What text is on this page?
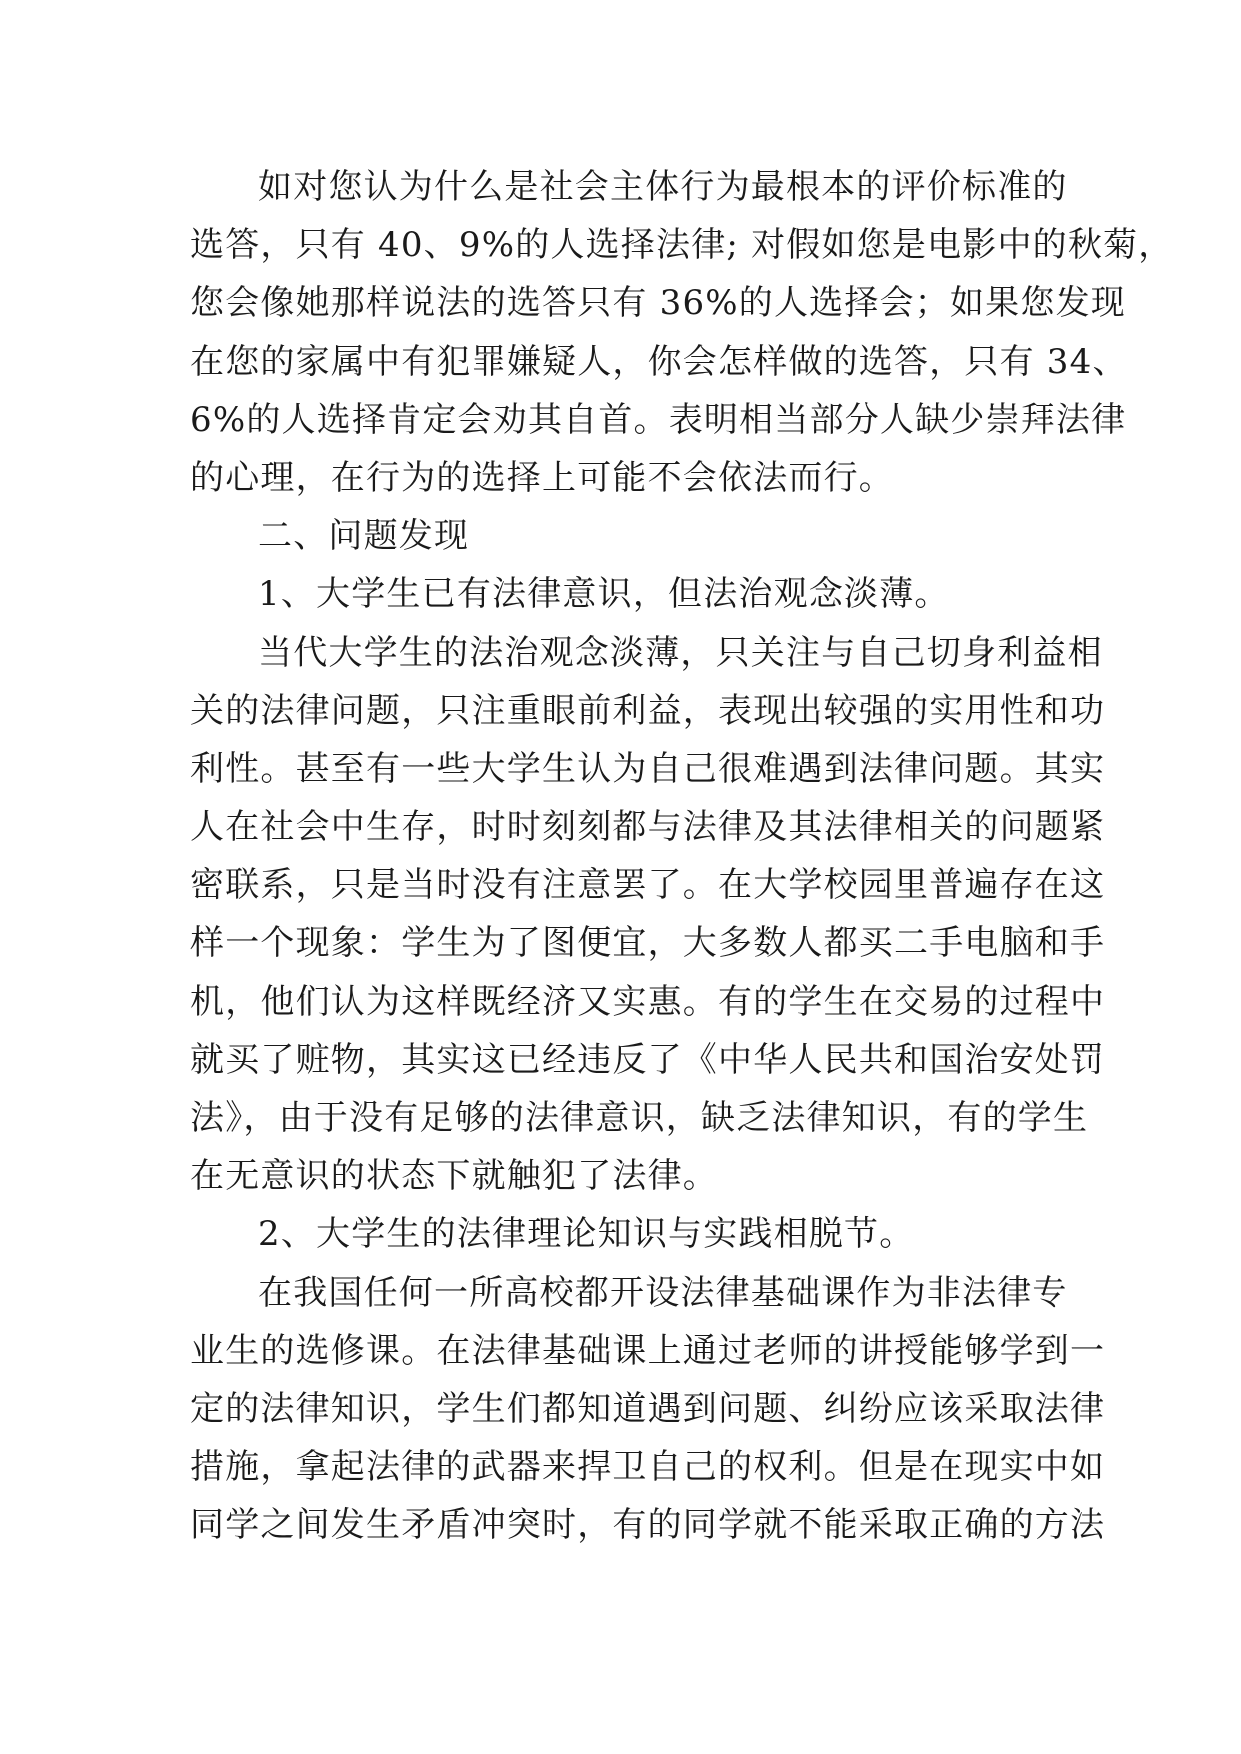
如对您认为什么是社会主体行为最根本的评价标准的
选答，只有 40、9%的人选择法律; 对假如您是电影中的秋菊，
您会像她那样说法的选答只有 36%的人选择会；如果您发现
在您的家属中有犯罪嫌疑人，你会怎样做的选答，只有 34、
6%的人选择肯定会劝其自首。表明相当部分人缺少崇拜法律
的心理，在行为的选择上可能不会依法而行。
二、问题发现
1、大学生已有法律意识，但法治观念淡薄。
当代大学生的法治观念淡薄，只关注与自己切身利益相
关的法律问题，只注重眼前利益，表现出较强的实用性和功
利性。甚至有一些大学生认为自己很难遇到法律问题。其实
人在社会中生存，时时刻刻都与法律及其法律相关的问题紧
密联系，只是当时没有注意罢了。在大学校园里普遍存在这
样一个现象：学生为了图便宜，大多数人都买二手电脑和手
机，他们认为这样既经济又实惠。有的学生在交易的过程中
就买了赃物，其实这已经违反了《中华人民共和国治安处罚
法》，由于没有足够的法律意识，缺乏法律知识，有的学生
在无意识的状态下就触犯了法律。
2、大学生的法律理论知识与实践相脱节。
在我国任何一所高校都开设法律基础课作为非法律专
业生的选修课。在法律基础课上通过老师的讲授能够学到一
定的法律知识，学生们都知道遇到问题、纠纷应该采取法律
措施，拿起法律的武器来捍卫自己的权利。但是在现实中如
同学之间发生矛盾冲突时，有的同学就不能采取正确的方法
